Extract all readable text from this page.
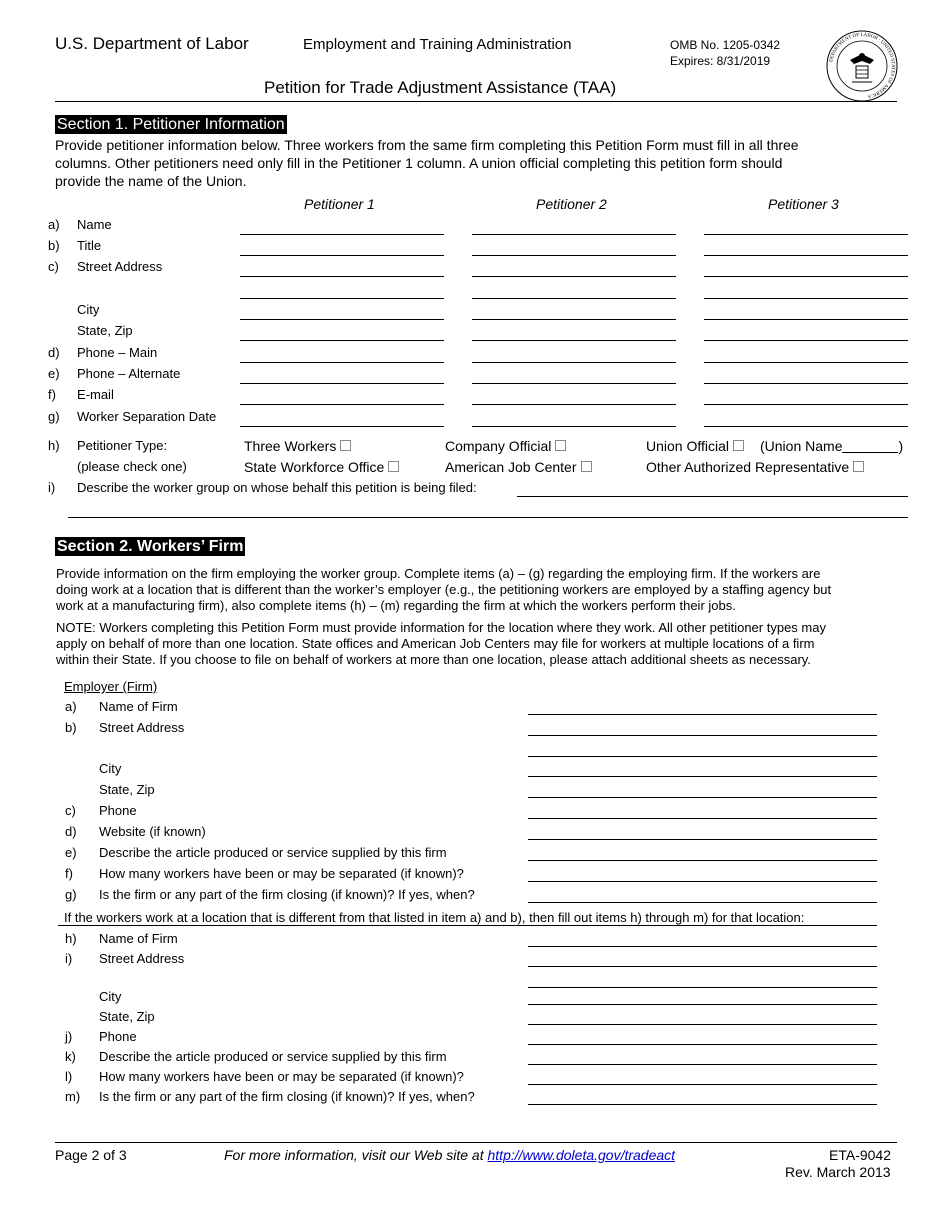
U.S. Department of Labor	Employment and Training Administration	OMB No. 1205-0342
Expires: 8/31/2019
Petition for Trade Adjustment Assistance (TAA)
DEPARTMENT OF LABOR · UNITED STATES OF AMERICA
Section 1. Petitioner Information
Provide petitioner information below. Three workers from the same firm completing this Petition Form must fill in all three
columns. Other petitioners need only fill in the Petitioner 1 column. A union official completing this petition form should
provide the name of the Union.
Petitioner 1	Petitioner 2	Petitioner 3
a) Name
b) Title
c) Street Address
City
State, Zip
d) Phone – Main
e) Phone – Alternate
f) E-mail
g) Worker Separation Date
h) Petitioner Type:
(please check one)
Three Workers	Company Official	Union Official	(Union Name	)
State Workforce Office	American Job Center	Other Authorized Representative
i) Describe the worker group on whose behalf this petition is being filed:
Section 2. Workers’ Firm
Provide information on the firm employing the worker group. Complete items (a) – (g) regarding the employing firm. If the workers are
doing work at a location that is different than the worker’s employer (e.g., the petitioning workers are employed by a staffing agency but
work at a manufacturing firm), also complete items (h) – (m) regarding the firm at which the workers perform their jobs.
NOTE: Workers completing this Petition Form must provide information for the location where they work. All other petitioner types may
apply on behalf of more than one location. State offices and American Job Centers may file for workers at multiple locations of a firm
within their State. If you choose to file on behalf of workers at more than one location, please attach additional sheets as necessary.
Employer (Firm)
a) Name of Firm
b) Street Address
City
State, Zip
c) Phone
d) Website (if known)
e) Describe the article produced or service supplied by this firm
f) How many workers have been or may be separated (if known)?
g) Is the firm or any part of the firm closing (if known)? If yes, when?
If the workers work at a location that is different from that listed in item a) and b), then fill out items h) through m) for that location:
h) Name of Firm
i) Street Address
City
State, Zip
j) Phone
k) Describe the article produced or service supplied by this firm
l) How many workers have been or may be separated (if known)?
m) Is the firm or any part of the firm closing (if known)? If yes, when?
Page 2 of 3	For more information, visit our Web site at http://www.doleta.gov/tradeact	ETA-9042
Rev. March 2013
